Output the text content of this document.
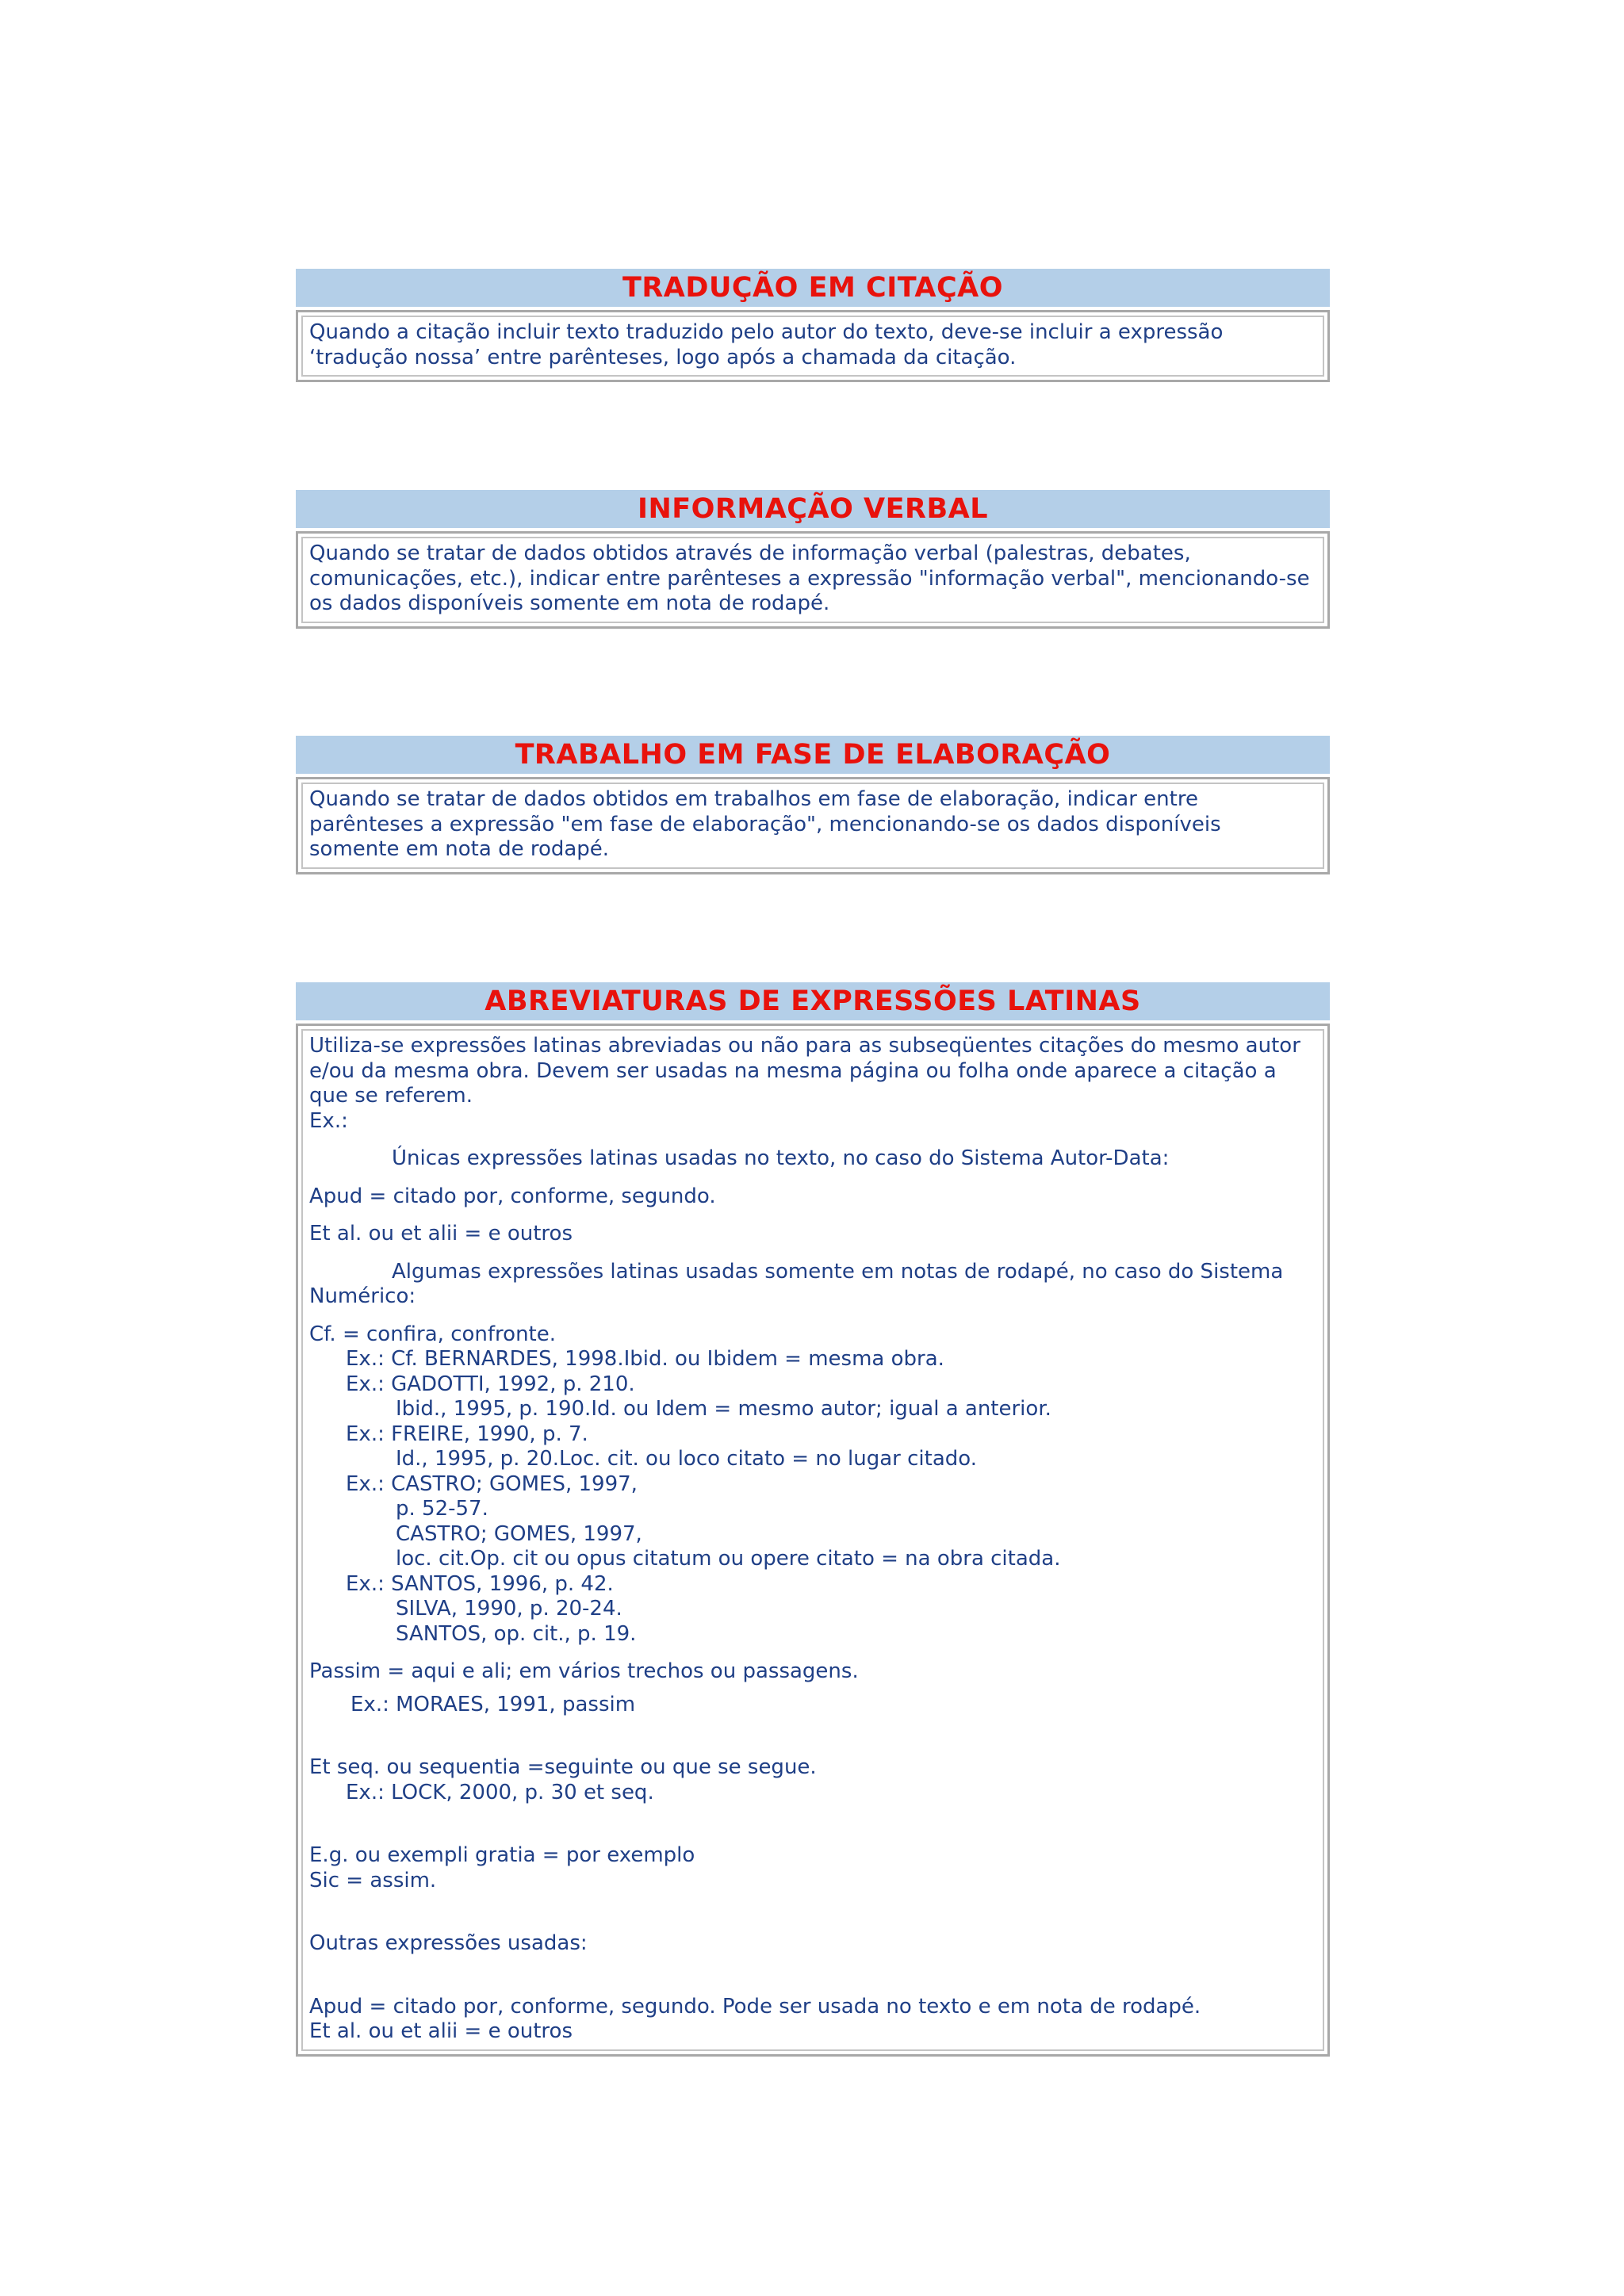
TRADUÇÃO EM CITAÇÃO

Quando a citação incluir texto traduzido pelo autor do texto, deve-se incluir a expressão ‘tradução nossa’ entre parênteses, logo após a chamada da citação.

INFORMAÇÃO VERBAL

Quando se tratar de dados obtidos através de informação verbal (palestras, debates, comunicações, etc.), indicar entre parênteses a expressão "informação verbal", mencionando-se os dados disponíveis somente em nota de rodapé.

TRABALHO EM FASE DE ELABORAÇÃO

Quando se tratar de dados obtidos em trabalhos em fase de elaboração, indicar entre parênteses a expressão "em fase de elaboração", mencionando-se os dados disponíveis somente em nota de rodapé.

ABREVIATURAS DE EXPRESSÕES LATINAS

Utiliza-se expressões latinas abreviadas ou não para as subseqüentes citações do mesmo autor e/ou da mesma obra. Devem ser usadas na mesma página ou folha onde aparece a citação a que se referem.

Ex.:

Únicas expressões latinas usadas no texto, no caso do Sistema Autor-Data:

Apud = citado por, conforme, segundo.

Et al. ou et alii = e outros

Algumas expressões latinas usadas somente em notas de rodapé, no caso do Sistema Numérico:

Cf. = confira, confronte.

Ex.: Cf. BERNARDES, 1998.Ibid. ou Ibidem = mesma obra.

Ex.: GADOTTI, 1992, p. 210.

Ibid., 1995, p. 190.Id. ou Idem = mesmo autor; igual a anterior.

Ex.: FREIRE, 1990, p. 7.

Id., 1995, p. 20.Loc. cit. ou loco citato = no lugar citado.

Ex.: CASTRO; GOMES, 1997,

p. 52-57.

CASTRO; GOMES, 1997,

loc. cit.Op. cit ou opus citatum ou opere citato = na obra citada.

Ex.: SANTOS, 1996, p. 42.

SILVA, 1990, p. 20-24.

SANTOS, op. cit., p. 19.

Passim = aqui e ali; em vários trechos ou passagens.

Ex.: MORAES, 1991, passim

Et seq. ou sequentia =seguinte ou que se segue.

Ex.: LOCK, 2000, p. 30 et seq.

E.g. ou exempli gratia = por exemplo

Sic = assim.

Outras expressões usadas:

Apud = citado por, conforme, segundo. Pode ser usada no texto e em nota de rodapé.

Et al. ou et alii = e outros
